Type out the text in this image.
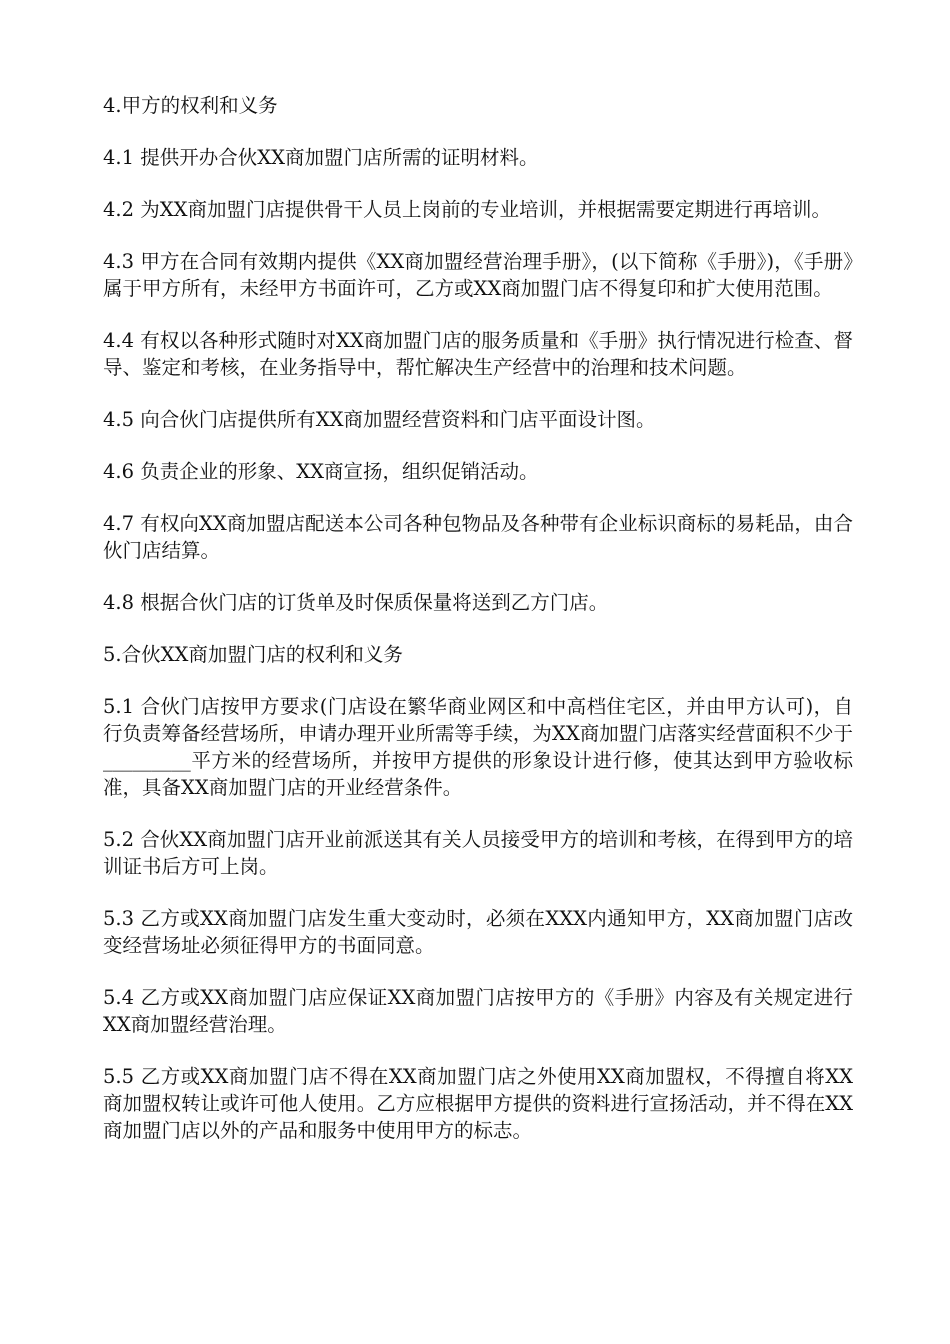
4.甲方的权利和义务

4.1 提供开办合伙XX商加盟门店所需的证明材料。

4.2 为XX商加盟门店提供骨干人员上岗前的专业培训，并根据需要定期进行再培训。

4.3 甲方在合同有效期内提供《XX商加盟经营治理手册》，(以下简称《手册》)，《手册》属于甲方所有，未经甲方书面许可，乙方或XX商加盟门店不得复印和扩大使用范围。

4.4 有权以各种形式随时对XX商加盟门店的服务质量和《手册》执行情况进行检查、督导、鉴定和考核，在业务指导中，帮忙解决生产经营中的治理和技术问题。

4.5 向合伙门店提供所有XX商加盟经营资料和门店平面设计图。

4.6 负责企业的形象、XX商宣扬，组织促销活动。

4.7 有权向XX商加盟店配送本公司各种包物品及各种带有企业标识商标的易耗品，由合伙门店结算。

4.8 根据合伙门店的订货单及时保质保量将送到乙方门店。

5.合伙XX商加盟门店的权利和义务

5.1 合伙门店按甲方要求(门店设在繁华商业网区和中高档住宅区，并由甲方认可)，自行负责筹备经营场所，申请办理开业所需等手续，为XX商加盟门店落实经营面积不少于_________平方米的经营场所，并按甲方提供的形象设计进行修，使其达到甲方验收标准，具备XX商加盟门店的开业经营条件。

5.2 合伙XX商加盟门店开业前派送其有关人员接受甲方的培训和考核，在得到甲方的培训证书后方可上岗。

5.3 乙方或XX商加盟门店发生重大变动时，必须在XXX内通知甲方，XX商加盟门店改变经营场址必须征得甲方的书面同意。

5.4 乙方或XX商加盟门店应保证XX商加盟门店按甲方的《手册》内容及有关规定进行XX商加盟经营治理。

5.5 乙方或XX商加盟门店不得在XX商加盟门店之外使用XX商加盟权，不得擅自将XX商加盟权转让或许可他人使用。乙方应根据甲方提供的资料进行宣扬活动，并不得在XX商加盟门店以外的产品和服务中使用甲方的标志。
